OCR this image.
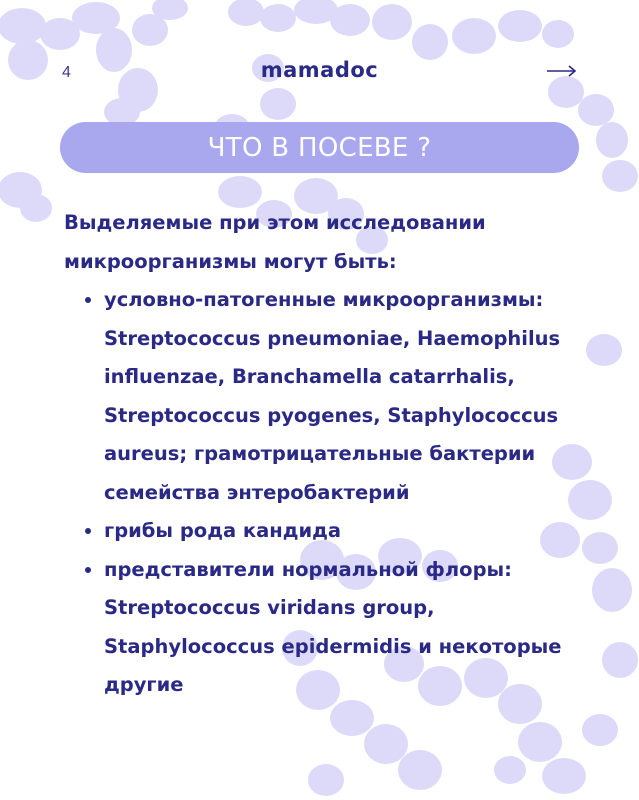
4	mamadoc
ЧТО В ПОСЕВЕ ?

Выделяемые при этом исследовании микроорганизмы могут быть:

условно-патогенные микроорганизмы: Streptococcus pneumoniae, Haemophilus influenzae, Branchamella catarrhalis, Streptococcus pyogenes, Staphylococcus aureus; грамотрицательные бактерии семейства энтеробактерий
грибы рода кандида
представители нормальной флоры: Streptococcus viridans group, Staphylococcus epidermidis и некоторые другие
